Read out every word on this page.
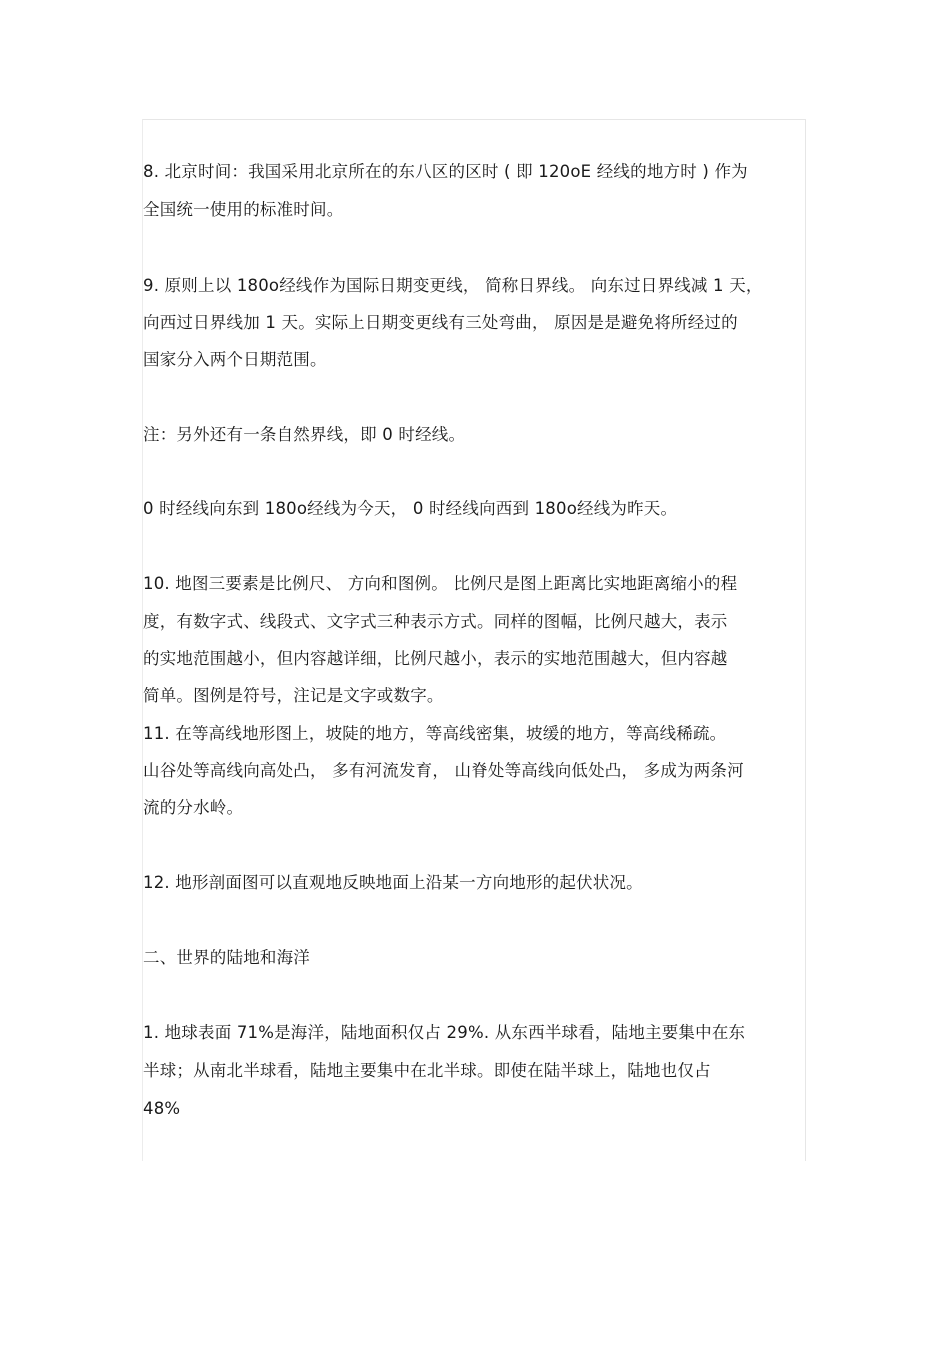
8. 北京时间：我国采用北京所在的东八区的区时 ( 即 120oE 经线的地方时 ) 作为
全国统一使用的标准时间。
9. 原则上以 180o经线作为国际日期变更线， 简称日界线。 向东过日界线减 1 天，
向西过日界线加 1 天。实际上日期变更线有三处弯曲， 原因是是避免将所经过的
国家分入两个日期范围。
注：另外还有一条自然界线，即 0 时经线。
0 时经线向东到 180o经线为今天， 0 时经线向西到 180o经线为昨天。
10. 地图三要素是比例尺、 方向和图例。 比例尺是图上距离比实地距离缩小的程
度，有数字式、线段式、文字式三种表示方式。同样的图幅，比例尺越大，表示
的实地范围越小，但内容越详细，比例尺越小，表示的实地范围越大，但内容越
简单。图例是符号，注记是文字或数字。
11. 在等高线地形图上，坡陡的地方，等高线密集，坡缓的地方，等高线稀疏。
山谷处等高线向高处凸， 多有河流发育， 山脊处等高线向低处凸， 多成为两条河
流的分水岭。
12. 地形剖面图可以直观地反映地面上沿某一方向地形的起伏状况。
二、世界的陆地和海洋
1. 地球表面 71%是海洋，陆地面积仅占 29%. 从东西半球看，陆地主要集中在东
半球；从南北半球看，陆地主要集中在北半球。即使在陆半球上，陆地也仅占
48%
